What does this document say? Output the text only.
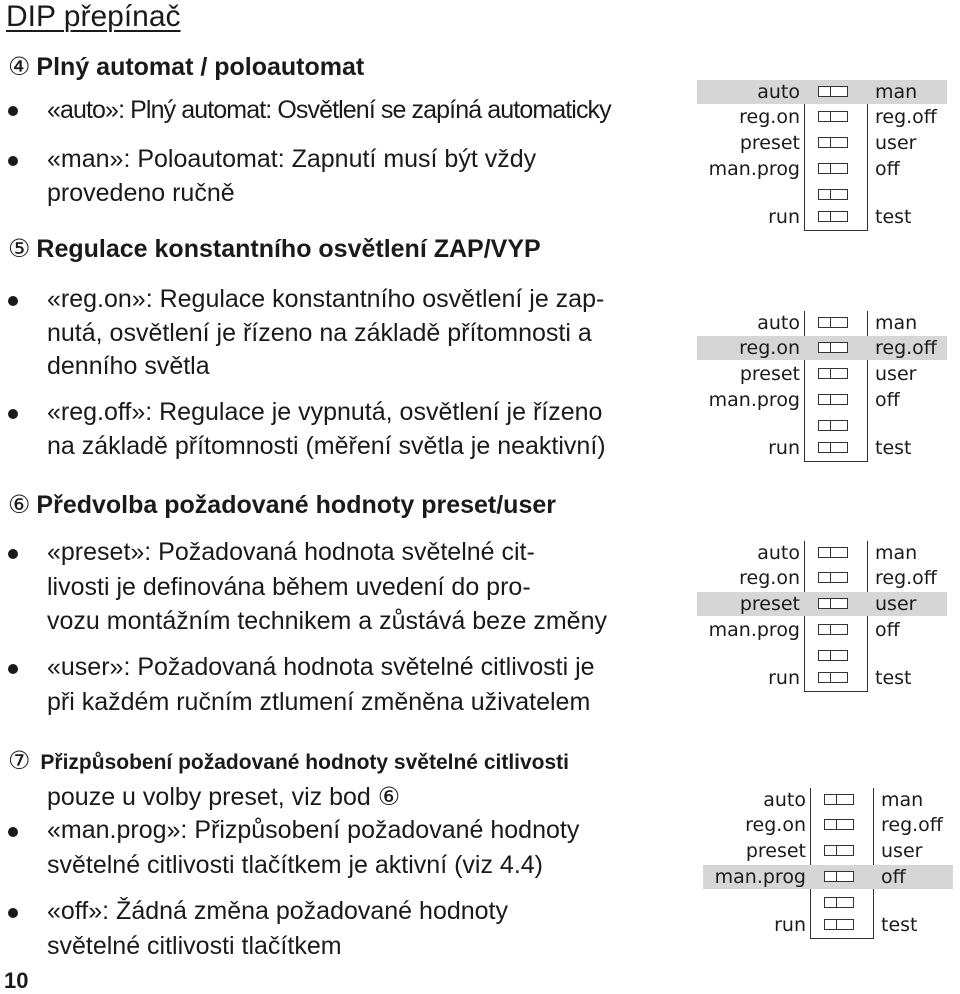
DIP přepínač
④ Plný automat / poloautomat
«auto»: Plný automat: Osvětlení se zapíná automaticky
«man»: Poloautomat: Zapnutí musí být vždy
provedeno ručně
⑤ Regulace konstantního osvětlení ZAP/VYP
«reg.on»: Regulace konstantního osvětlení je zap-
nutá, osvětlení je řízeno na základě přítomnosti a
denního světla
«reg.off»: Regulace je vypnutá, osvětlení je řízeno
na základě přítomnosti (měření světla je neaktivní)
⑥ Předvolba požadované hodnoty preset/user
«preset»: Požadovaná hodnota světelné cit-
livosti je definována během uvedení do pro-
vozu montážním technikem a zůstává beze změny
«user»: Požadovaná hodnota světelné citlivosti je
při každém ručním ztlumení změněna uživatelem
⑦ Přizpůsobení požadované hodnoty světelné citlivosti
pouze u volby preset, viz bod ⑥
«man.prog»: Přizpůsobení požadované hodnoty
světelné citlivosti tlačítkem je aktivní (viz 4.4)
«off»: Žádná změna požadované hodnoty
světelné citlivosti tlačítkem
10
auto	man
reg.on	reg.off
preset	user
man.prog	off
run	test
auto	man
reg.on	reg.off
preset	user
man.prog	off
run	test
auto	man
reg.on	reg.off
preset	user
man.prog	off
run	test
auto	man
reg.on	reg.off
preset	user
man.prog	off
run	test
